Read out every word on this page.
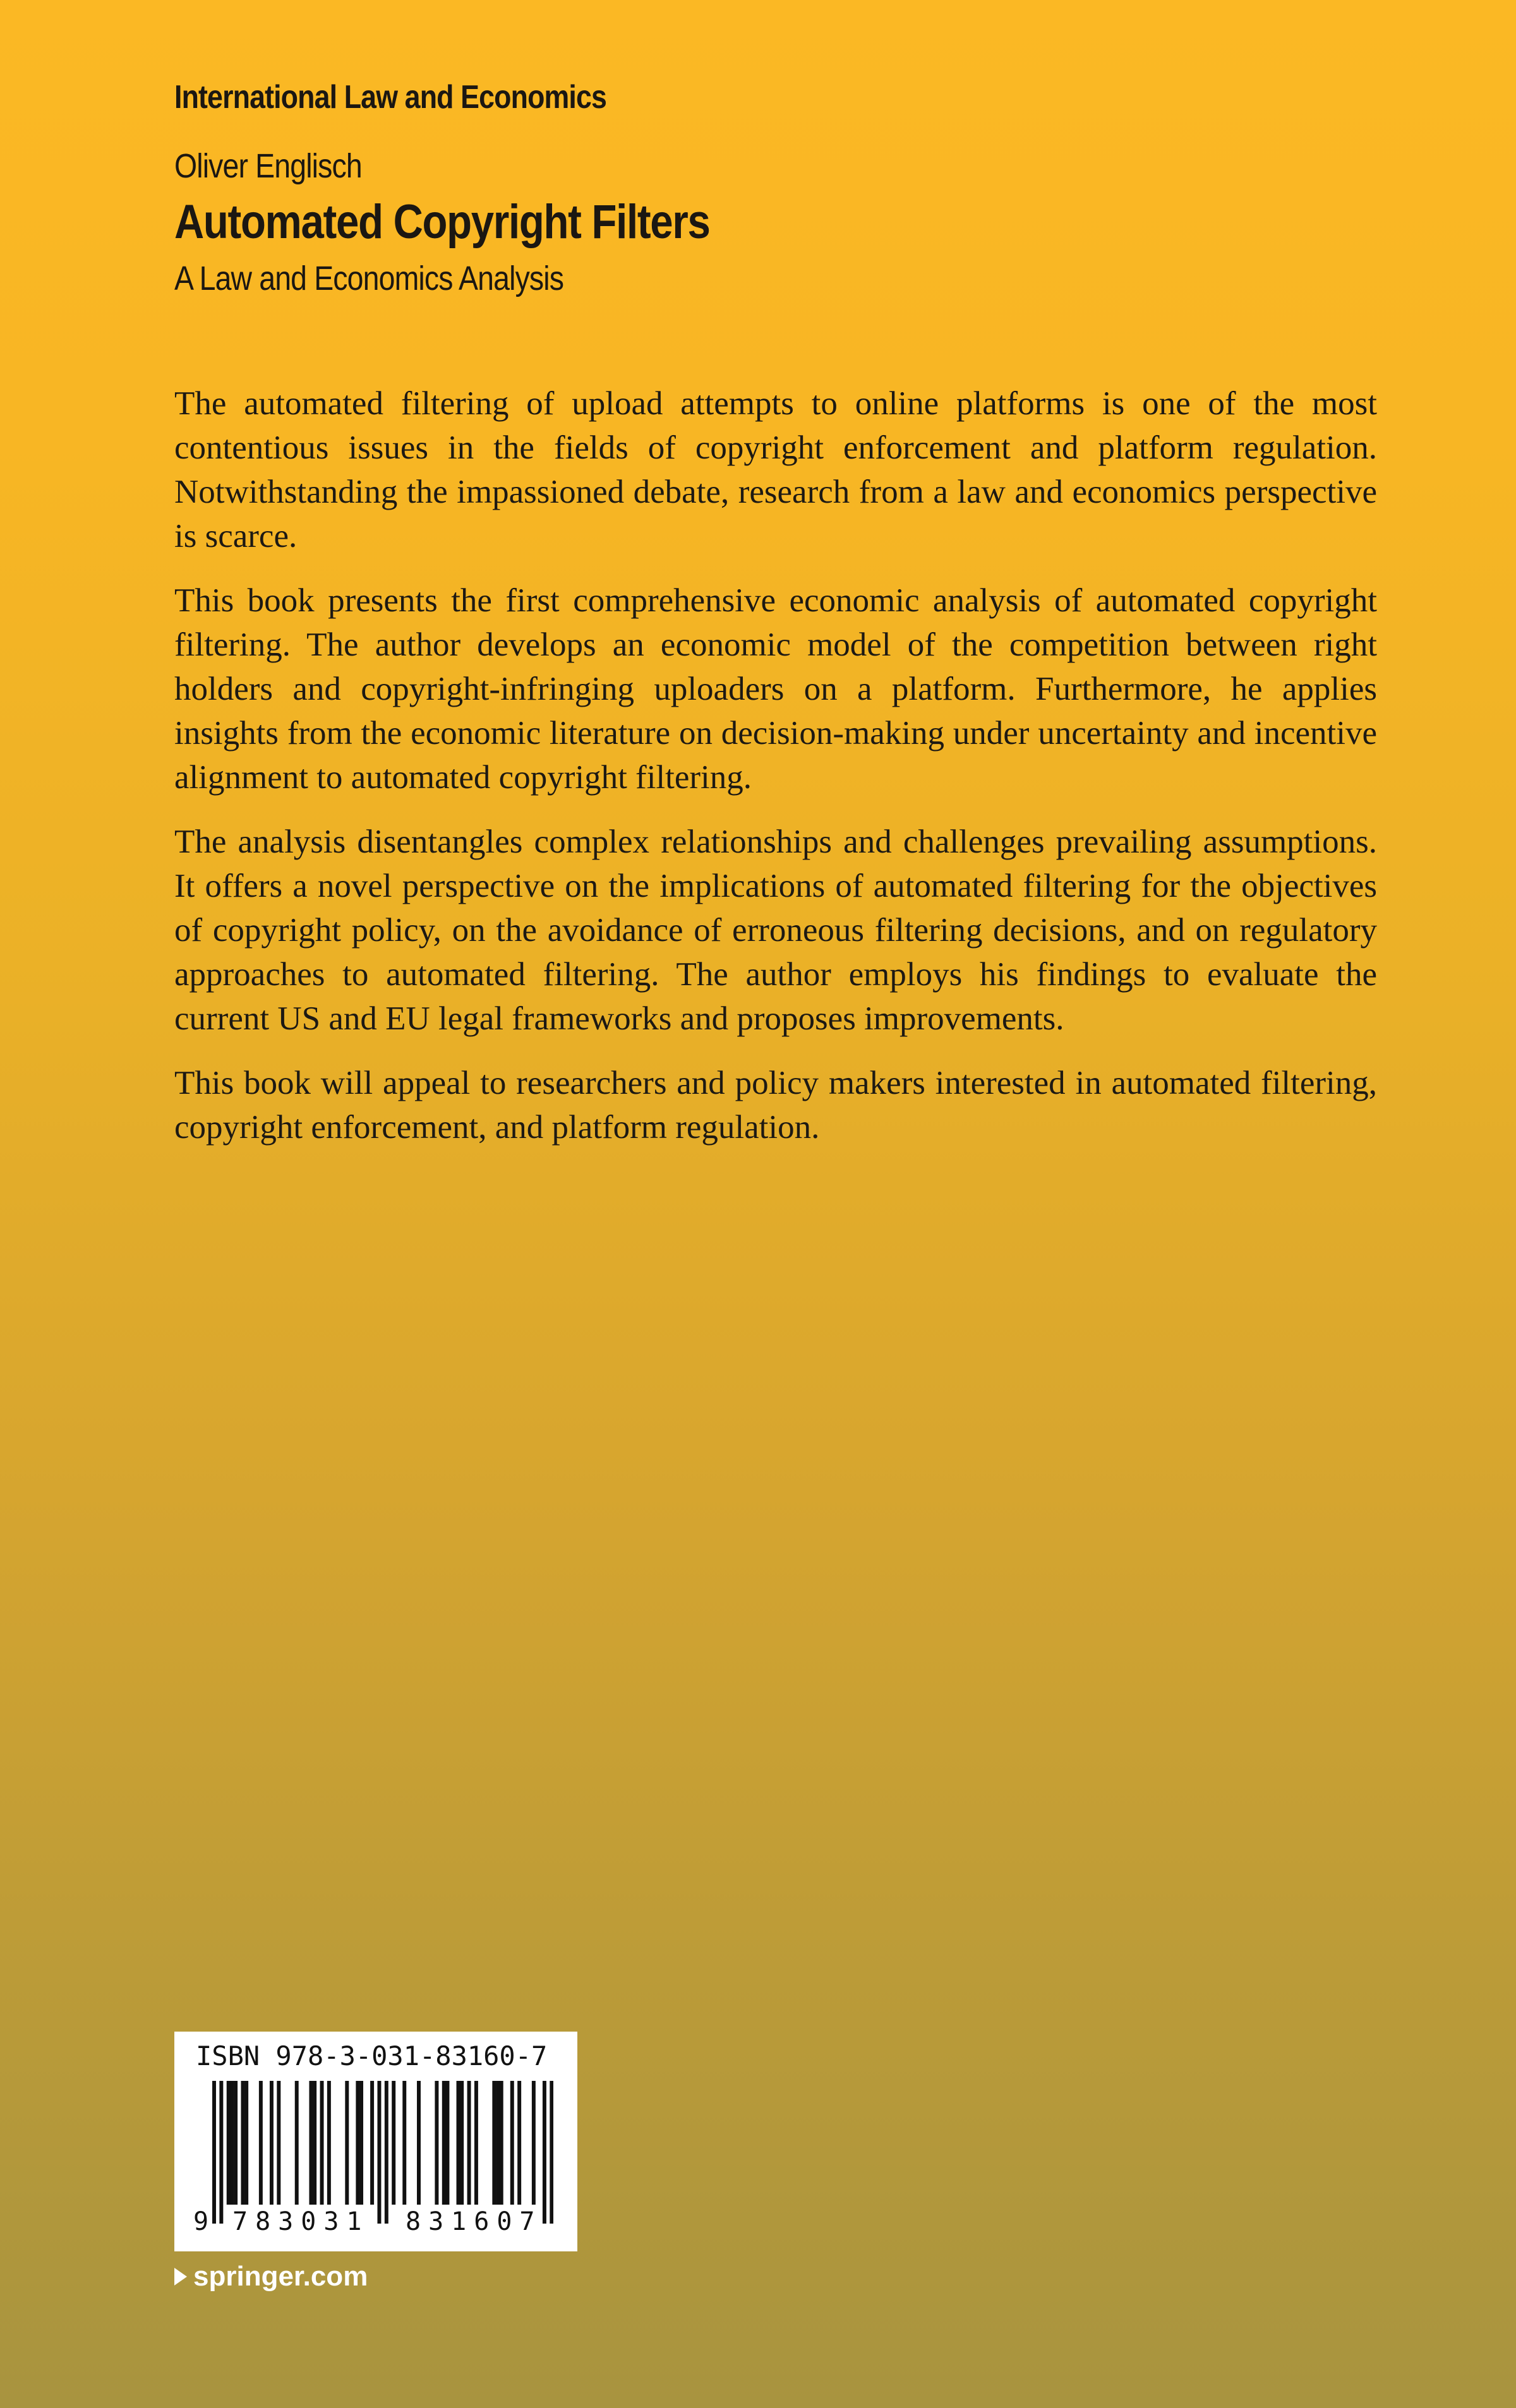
International Law and Economics
Oliver Englisch
Automated Copyright Filters
A Law and Economics Analysis

The automated filtering of upload attempts to online platforms is one of the most contentious issues in the fields of copyright enforcement and platform regulation. Notwithstanding the impassioned debate, research from a law and economics perspective is scarce.

This book presents the first comprehensive economic analysis of automated copyright filtering. The author develops an economic model of the competition between right holders and copyright-infringing uploaders on a platform. Furthermore, he applies insights from the economic literature on decision-making under uncertainty and incentive alignment to automated copyright filtering.

The analysis disentangles complex relationships and challenges prevailing assumptions. It offers a novel perspective on the implications of automated filtering for the objectives of copyright policy, on the avoidance of erroneous filtering decisions, and on regulatory approaches to automated filtering. The author employs his findings to evaluate the current US and EU legal frameworks and proposes improvements.

This book will appeal to researchers and policy makers interested in automated filtering, copyright enforcement, and platform regulation.

ISBN 978-3-031-83160-7
9 783031 831607
springer.com
